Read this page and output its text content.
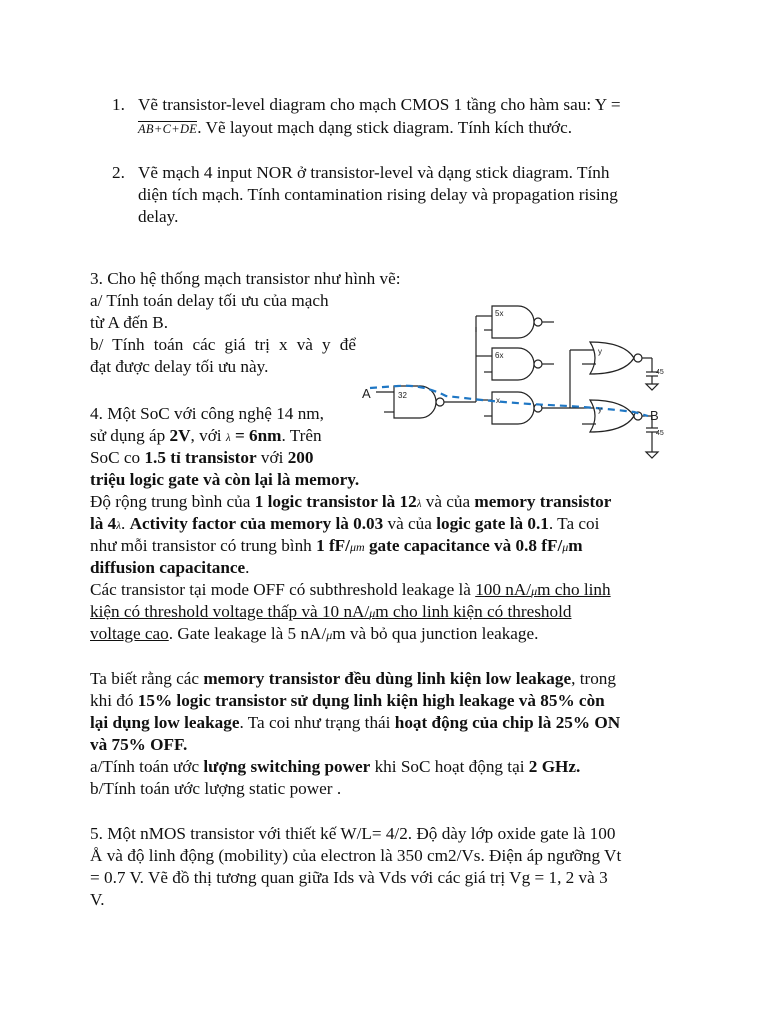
1. Vẽ transistor-level diagram cho mạch CMOS 1 tầng cho hàm sau: Y =
AB+C+DE. Vẽ layout mạch dạng stick diagram. Tính kích thước.
2. Vẽ mạch 4 input NOR ở transistor-level và dạng stick diagram. Tính
diện tích mạch. Tính contamination rising delay và propagation rising
delay.
3. Cho hệ thống mạch transistor như hình vẽ:
a/ Tính toán delay tối ưu của mạch
từ A đến B.
b/ Tính toán các giá trị x và y để
đạt được delay tối ưu này.
A
B
32
5x
6x
x
y
y
45
45
4. Một SoC với công nghệ 14 nm,
sử dụng áp 2V, với λ = 6nm. Trên
SoC co 1.5 tỉ transistor với 200
triệu logic gate và còn lại là memory.
Độ rộng trung bình của 1 logic transistor là 12λ và của memory transistor
là 4λ. Activity factor của memory là 0.03 và của logic gate là 0.1. Ta coi
như mỗi transistor có trung bình 1 fF/μm gate capacitance và 0.8 fF/μm
diffusion capacitance.
Các transistor tại mode OFF có subthreshold leakage là 100 nA/μm cho linh
kiện có threshold voltage thấp và 10 nA/μm cho linh kiện có threshold
voltage cao. Gate leakage là 5 nA/μm và bỏ qua junction leakage.
Ta biết rằng các memory transistor đều dùng linh kiện low leakage, trong
khi đó 15% logic transistor sử dụng linh kiện high leakage và 85% còn
lại dụng low leakage. Ta coi như trạng thái hoạt động của chip là 25% ON
và 75% OFF.
a/Tính toán ước lượng switching power khi SoC hoạt động tại 2 GHz.
b/Tính toán ước lượng static power .
5. Một nMOS transistor với thiết kế W/L= 4/2. Độ dày lớp oxide gate là 100
Å và độ linh động (mobility) của electron là 350 cm2/Vs. Điện áp ngưỡng Vt
= 0.7 V. Vẽ đồ thị tương quan giữa Ids và Vds với các giá trị Vg = 1, 2 và 3
V.
